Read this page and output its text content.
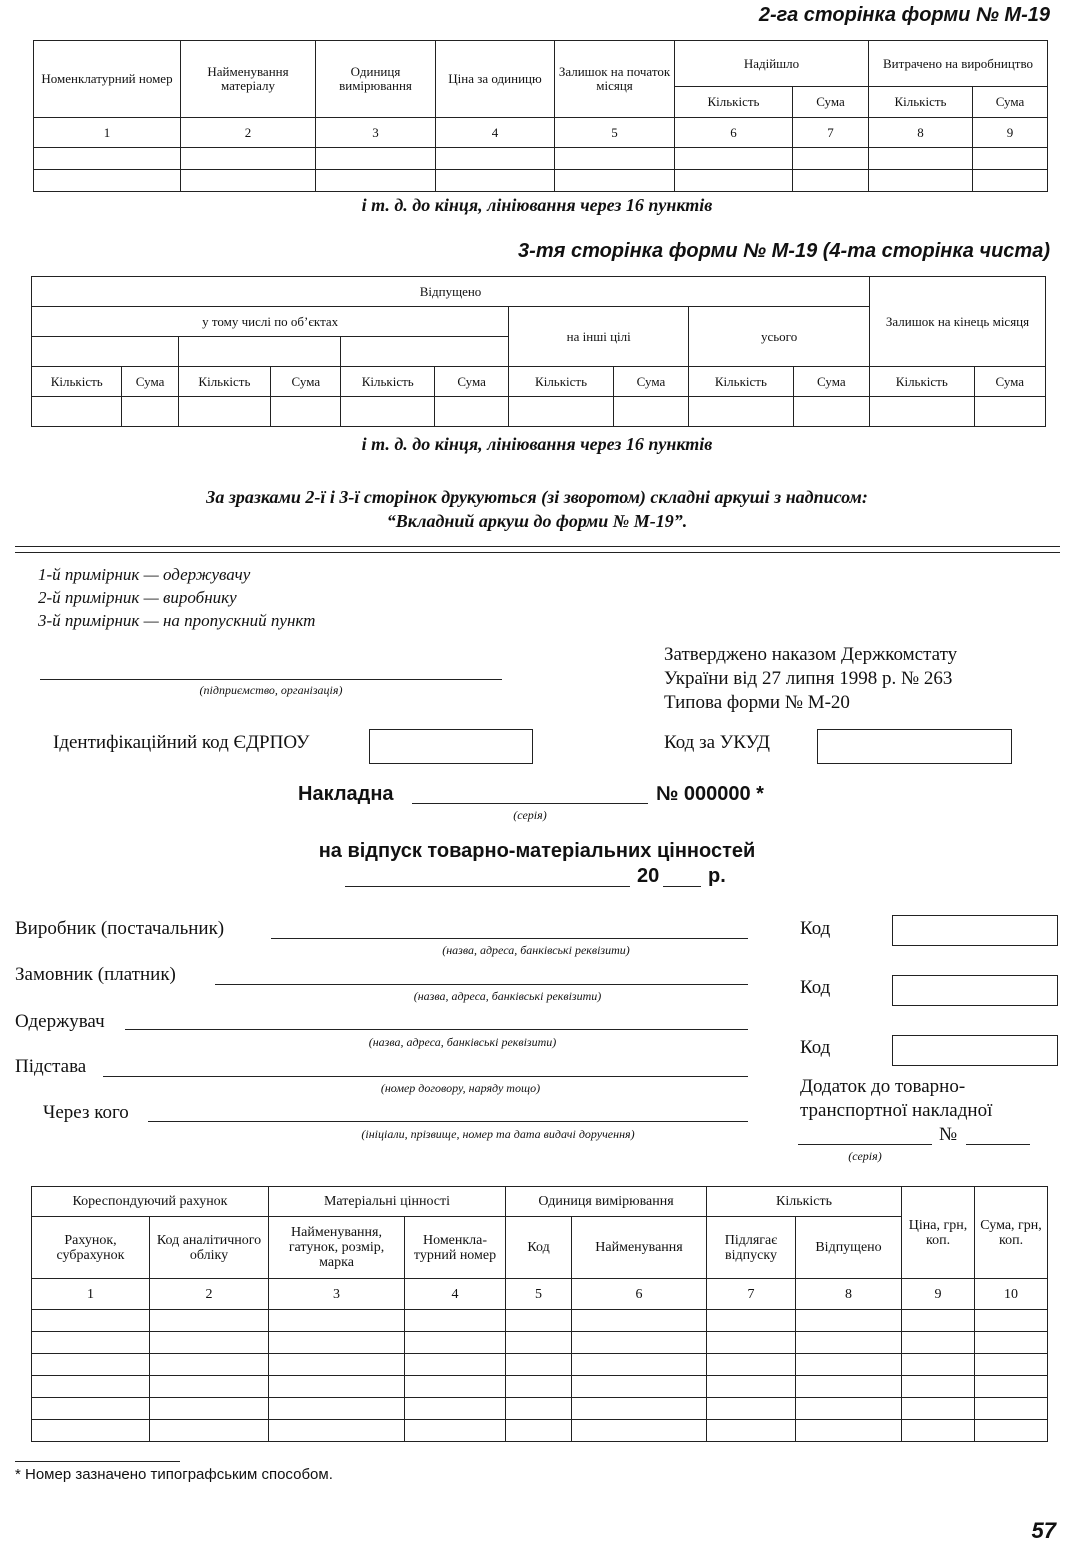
2-га сторінка форми № М-19
Номенклатурний номер	Найменування матеріалу	Одиниця вимірювання	Ціна за одиницю	Залишок на початок місяця	Надійшло		Витрачено на виробництво	
					Кількість	Сума	Кількість	Сума
1	2	3	4	5	6	7	8	9

і т. д. до кінця, лініювання через 16 пунктів
3-тя сторінка форми № М-19 (4-та сторінка чиста)
Відпущено										Залишок на кінець місяця	
у тому числі по об’єктах						на інші цілі		усього			

Кількість	Сума	Кількість	Сума	Кількість	Сума	Кількість	Сума	Кількість	Сума	Кількість	Сума

і т. д. до кінця, лініювання через 16 пунктів
За зразками 2-ї і 3-ї сторінок друкуються (зі зворотом) складні аркуші з надписом:
“Вкладний аркуш до форми № М-19”.
1-й примірник — одержувачу
2-й примірник — виробнику
3-й примірник — на пропускний пункт
(підприємство, організація)
Затверджено наказом Держкомстату
України від 27 липня 1998 р. № 263
Типова форми № М-20
Ідентифікаційний код ЄДРПОУ	Код за УКУД
Накладна	№ 000000 *
(серія)
на відпуск товарно-матеріальних цінностей
20 р.
Виробник (постачальник)
(назва, адреса, банківські реквізити)
Замовник (платник)
(назва, адреса, банківські реквізити)
Одержувач
(назва, адреса, банківські реквізити)
Підстава
(номер договору, наряду тощо)
Через кого
(ініціали, прізвище, номер та дата видачі доручення)
Код
Код
Код
Додаток до товарно-
транспортної накладної
№
(серія)
Кореспондуючий рахунок		Матеріальні цінності		Одиниця вимірювання		Кількість		Ціна, грн, коп.	Сума, грн, коп.
Рахунок, субрахунок	Код аналітичного обліку	Найменування, гатунок, розмір, марка	Номенкла-турний номер	Код	Найменування	Підлягає відпуску	Відпущено		
1	2	3	4	5	6	7	8	9	10

* Номер зазначено типографським способом.
57
